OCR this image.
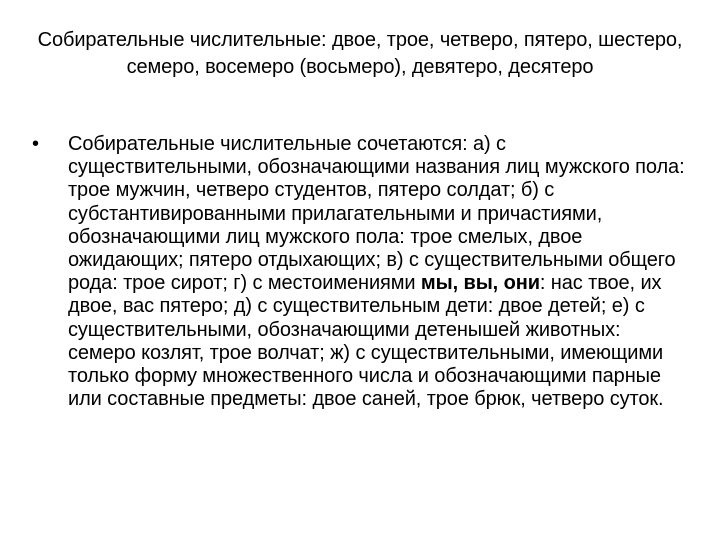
Собирательные числительные: двое, трое, четверо, пятеро, шестеро, семеро, восемеро (восьмеро), девятеро, десятеро
•	Собирательные числительные сочетаются: а) с существительными, обозначающими названия лиц мужского пола: трое мужчин, четверо студентов, пятеро солдат; б) с субстантивированными прилагательными и причастиями, обозначающими лиц мужского пола: трое смелых, двое ожидающих; пятеро отдыхающих; в) с существительными общего рода: трое сирот; г) с местоимениями мы, вы, они: нас твое, их двое, вас пятеро; д) с существительным дети: двое детей; е) с существительными, обозначающими детенышей животных: семеро козлят, трое волчат; ж) с существительными, имеющими только форму множественного числа и обозначающими парные или составные предметы: двое саней, трое брюк, четверо суток.
